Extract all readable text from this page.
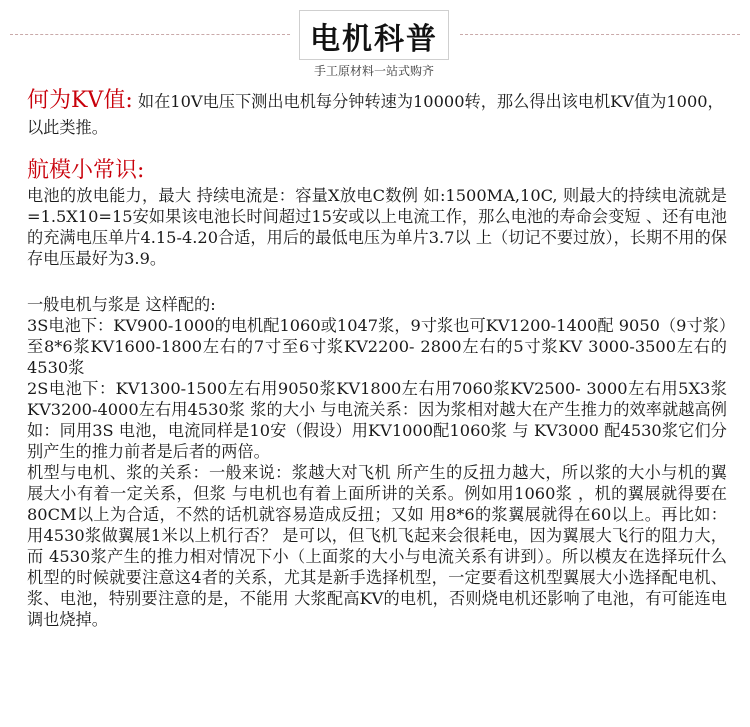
电机科普
手工原材料一站式购齐

何为KV值: 如在10V电压下测出电机每分钟转速为10000转，那么得出该电机KV值为1000，以此类推。

航模小常识:

电池的放电能力，最大 持续电流是：容量X放电C数例 如:1500MA,10C, 则最大的持续电流就是=1.5X10=15安如果该电池长时间超过15安或以上电流工作，那么电池的寿命会变短 、还有电池的充满电压单片4.15-4.20合适，用后的最低电压为单片3.7以 上（切记不要过放），长期不用的保存电压最好为3.9。

一般电机与浆是 这样配的:

3S电池下：KV900-1000的电机配1060或1047浆，9寸浆也可KV1200-1400配 9050（9寸浆）至8*6浆KV1600-1800左右的7寸至6寸浆KV2200- 2800左右的5寸浆KV 3000-3500左右的4530浆

2S电池下：KV1300-1500左右用9050浆KV1800左右用7060浆KV2500- 3000左右用5X3浆KV3200-4000左右用4530浆 浆的大小 与电流关系：因为浆相对越大在产生推力的效率就越高例如：同用3S 电池，电流同样是10安（假设）用KV1000配1060浆 与 KV3000 配4530浆它们分别产生的推力前者是后者的两倍。

机型与电机、浆的关系：一般来说：浆越大对飞机 所产生的反扭力越大，所以浆的大小与机的翼展大小有着一定关系，但浆 与电机也有着上面所讲的关系。例如用1060浆 ，机的翼展就得要在80CM以上为合适，不然的话机就容易造成反扭；又如 用8*6的浆翼展就得在60以上。再比如：用4530浆做翼展1米以上机行否？ 是可以，但飞机飞起来会很耗电，因为翼展大飞行的阻力大，而 4530浆产生的推力相对情况下小（上面浆的大小与电流关系有讲到）。所以模友在选择玩什么机型的时候就要注意这4者的关系，尤其是新手选择机型，一定要看这机型翼展大小选择配电机、浆、电池，特别要注意的是，不能用 大浆配高KV的电机，否则烧电机还影响了电池，有可能连电调也烧掉。
